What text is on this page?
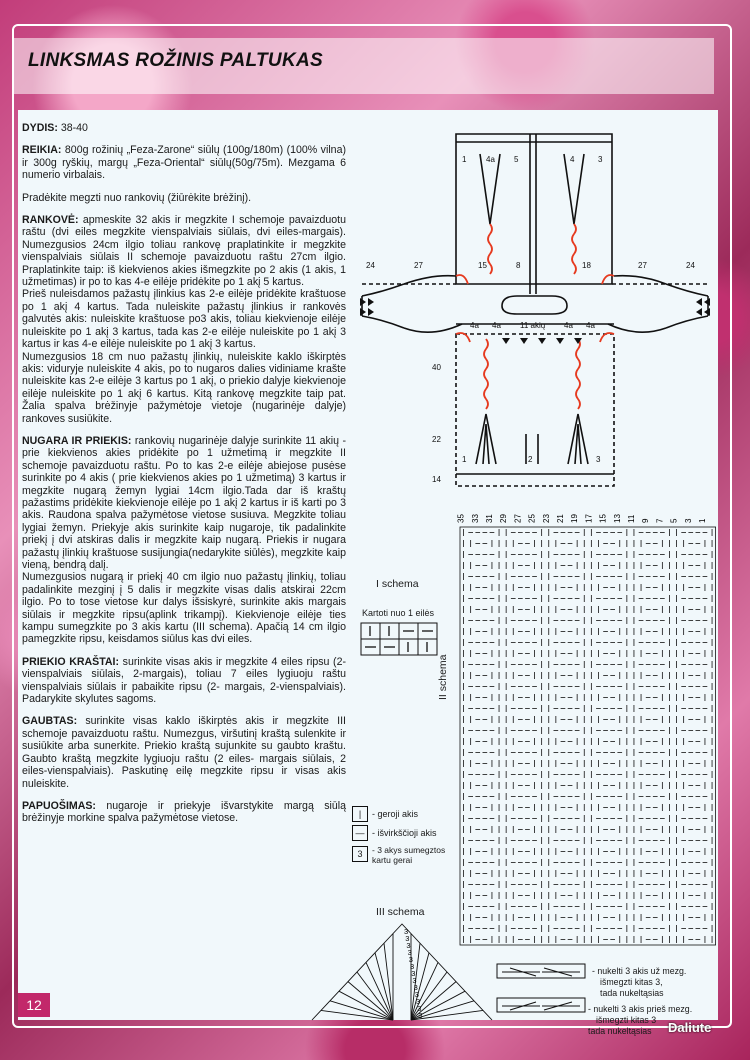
LINKSMAS ROŽINIS PALTUKAS

DYDIS: 38-40

REIKIA: 800g rožinių „Feza-Zarone“ siūlų (100g/180m) (100% vilna) ir 300g ryškių, margų „Feza-Oriental“ siūlų(50g/75m). Mezgama 6 numerio virbalais.

Pradėkite megzti nuo rankovių (žiūrėkite brėžinį).

RANKOVĖ: apmeskite 32 akis ir megzkite I schemoje pavaizduotu raštu (dvi eiles megzkite vienspalviais siūlais, dvi eiles-margais). Numezgusios 24cm ilgio toliau rankovę praplatinkite ir megzkite vienspalviais siūlais II schemoje pavaizduotu raštu 27cm ilgio. Praplatinkite taip: iš kiekvienos akies išmegzkite po 2 akis (1 akis, 1 užmetimas) ir po to kas 4-e eilėje pridėkite po 1 akį 5 kartus.

Prieš nuleisdamos pažastų įlinkius kas 2-e eilėje pridėkite kraštuose po 1 akį 4 kartus. Tada nuleiskite pažastų įlinkius ir rankovės galvutės akis: nuleiskite kraštuose po3 akis, toliau kiekvienoje eilėje nuleiskite po 1 akį 3 kartus, tada kas 2-e eilėje nuleiskite po 1 akį 3 kartus ir kas 4-e eilėje nuleiskite po 1 akį 3 kartus.

Numezgusios 18 cm nuo pažastų įlinkių, nuleiskite kaklo iškirptės akis: viduryje nuleiskite 4 akis, po to nugaros dalies vidiniame krašte nuleiskite kas 2-e eilėje 3 kartus po 1 akį, o priekio dalyje kiekvienoje eilėje nuleiskite po 1 akį 6 kartus. Kitą rankovę megzkite taip pat. Žalia spalva brėžinyje pažymėtoje vietoje (nugarinėje dalyje) rankoves susiūkite.

NUGARA IR PRIEKIS: rankovių nugarinėje dalyje surinkite 11 akių - prie kiekvienos akies pridėkite po 1 užmetimą ir megzkite II schemoje pavaizduotu raštu. Po to kas 2-e eilėje abiejose pusėse surinkite po 4 akis ( prie kiekvienos akies po 1 užmetimą) 3 kartus ir megzkite nugarą žemyn lygiai 14cm ilgio.Tada dar iš kraštų pažastims pridėkite kiekvienoje eilėje po 1 akį 2 kartus ir iš karti po 3 akis. Raudona spalva pažymėtose vietose susiuva. Megzkite toliau lygiai žemyn. Priekyje akis surinkite kaip nugaroje, tik padalinkite priekį į dvi atskiras dalis ir megzkite kaip nugarą. Priekis ir nugara pažastų įlinkių kraštuose susijungia(nedarykite siūlės), megzkite kaip vieną, bendrą dalį.

Numezgusios nugarą ir priekį 40 cm ilgio nuo pažastų įlinkių, toliau padalinkite mezginį į 5 dalis ir megzkite visas dalis atskirai 22cm ilgio. Po to tose vietose kur dalys išsiskyrė, surinkite akis margais siūlais ir megzkite ripsu(aplink trikampį). Kiekvienoje eilėje ties kampu sumegzkite po 3 akis kartu (III schema). Apačią 14 cm ilgio pamegzkite ripsu, keisdamos siūlus kas dvi eiles.

PRIEKIO KRAŠTAI: surinkite visas akis ir megzkite 4 eiles ripsu (2-vienspalviais siūlais, 2-margais), toliau 7 eiles lygiuoju raštu vienspalviais siūlais ir pabaikite ripsu (2- margais, 2-vienspalviais). Padarykite skylutes sagoms.

GAUBTAS: surinkite visas kaklo iškirptės akis ir megzkite III schemoje pavaizduotu raštu. Numezgus, viršutinį kraštą sulenkite ir susiūkite arba sunerkite. Priekio kraštą sujunkite su gaubto kraštu. Gaubto kraštą megzkite lygiuoju raštu (2 eiles- margais siūlais, 2 eiles-vienspalviais). Paskutinę eilę megzkite ripsu ir visas akis nuleiskite.

PAPUOŠIMAS: nugaroje ir priekyje išvarstykite margą siūlą brėžinyje morkine spalva pažymėtose vietose.

1 4a 5	4	3
24	27	15	8	18	27	24
11 akių
4a 4a	4a 4a
40
22
14
1	2	3
I schema
Kartoti nuo 1 eilės
II schema
35 33 31 29 27 25 23 21 19 17 15 13 11 9 7 5 3 1
|	- geroji akis
— - išvirkščioji akis
3	- 3 akys sumegztos kartu gerai
III schema
3
3
3
3
3
3
3
3
3
3
3
3
3
- nukelti 3 akis už mezg.
išmegzti kitas 3,
tada nukeltąsias
- nukelti 3 akis prieš mezg.
išmegzti kitas 3
tada nukeltąsias
12
Daliute
